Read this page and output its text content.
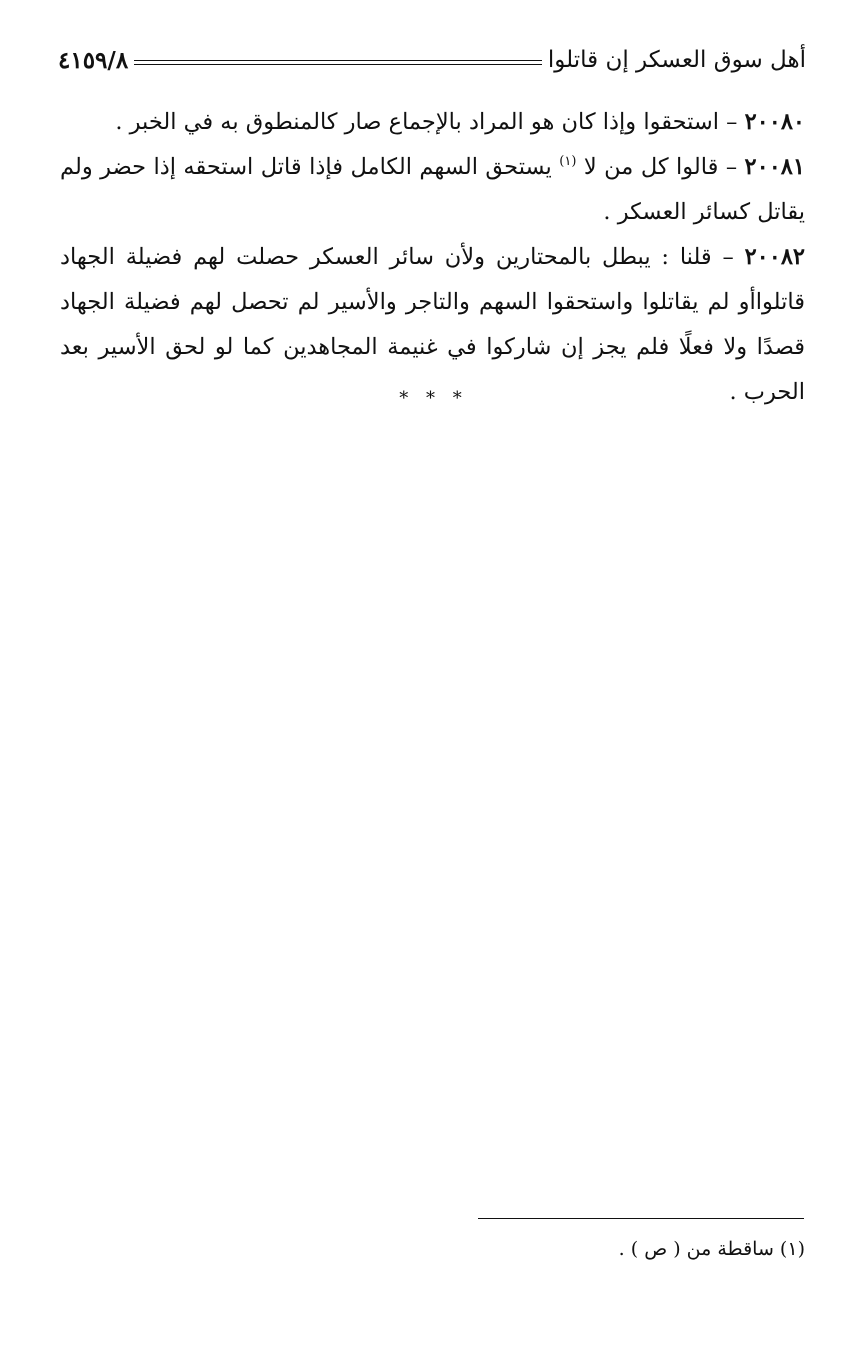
أهل سوق العسكر إن قاتلوا
٤١٥٩/٨

٢٠٠٨٠ – استحقوا وإذا كان هو المراد بالإجماع صار كالمنطوق به في الخبر .

٢٠٠٨١ – قالوا كل من لا $^{(١)}$ يستحق السهم الكامل فإذا قاتل استحقه إذا حضر ولم يقاتل كسائر العسكر .

٢٠٠٨٢ – قلنا : يبطل بالمحتارين ولأن سائر العسكر حصلت لهم فضيلة الجهاد قاتلواأو لم يقاتلوا واستحقوا السهم والتاجر والأسير لم تحصل لهم فضيلة الجهاد قصدًا ولا فعلًا فلم يجز إن شاركوا في غنيمة المجاهدين كما لو لحق الأسير بعد الحرب .

* * *
(١) ساقطة من ( ص ) .
